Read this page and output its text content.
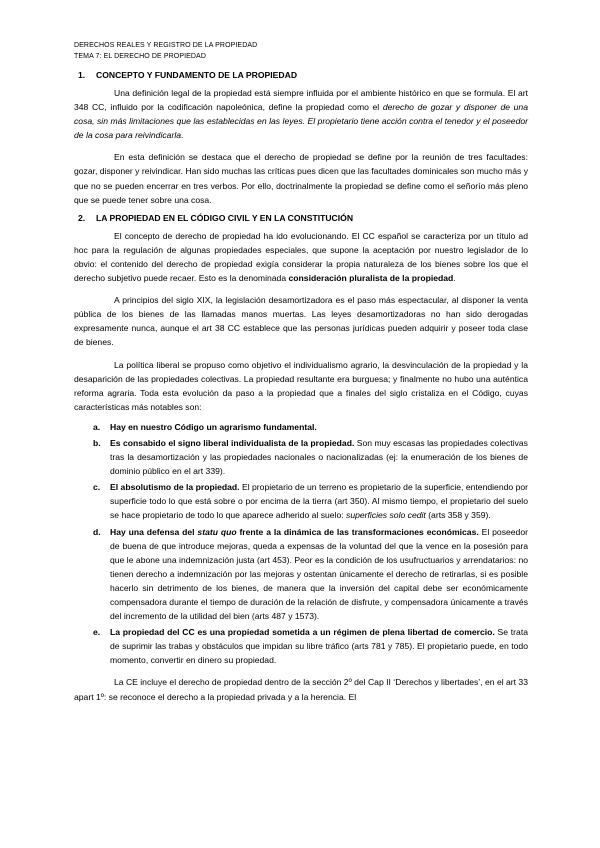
DERECHOS REALES Y REGISTRO DE LA PROPIEDAD
TEMA 7: EL DERECHO DE PROPIEDAD
1. CONCEPTO Y FUNDAMENTO DE LA PROPIEDAD

Una definición legal de la propiedad está siempre influida por el ambiente histórico en que se formula. El art 348 CC, influido por la codificación napoleónica, define la propiedad como el derecho de gozar y disponer de una cosa, sin más limitaciones que las establecidas en las leyes. El propietario tiene acción contra el tenedor y el poseedor de la cosa para reivindicarla.

En esta definición se destaca que el derecho de propiedad se define por la reunión de tres facultades: gozar, disponer y reivindicar. Han sido muchas las críticas pues dicen que las facultades dominicales son mucho más y que no se pueden encerrar en tres verbos. Por ello, doctrinalmente la propiedad se define como el señorío más pleno que se puede tener sobre una cosa.

2. LA PROPIEDAD EN EL CÓDIGO CIVIL Y EN LA CONSTITUCIÓN

El concepto de derecho de propiedad ha ido evolucionando. El CC español se caracteriza por un título ad hoc para la regulación de algunas propiedades especiales, que supone la aceptación por nuestro legislador de lo obvio: el contenido del derecho de propiedad exigía considerar la propia naturaleza de los bienes sobre los que el derecho subjetivo puede recaer. Esto es la denominada consideración pluralista de la propiedad.

A principios del siglo XIX, la legislación desamortizadora es el paso más espectacular, al disponer la venta pública de los bienes de las llamadas manos muertas. Las leyes desamortizadoras no han sido derogadas expresamente nunca, aunque el art 38 CC establece que las personas jurídicas pueden adquirir y poseer toda clase de bienes.

La política liberal se propuso como objetivo el individualismo agrario, la desvinculación de la propiedad y la desaparición de las propiedades colectivas. La propiedad resultante era burguesa; y finalmente no hubo una auténtica reforma agraria. Toda esta evolución da paso a la propiedad que a finales del siglo cristaliza en el Código, cuyas características más notables son:

a. Hay en nuestro Código un agrarismo fundamental.
b. Es consabido el signo liberal individualista de la propiedad. Son muy escasas las propiedades colectivas tras la desamortización y las propiedades nacionales o nacionalizadas (ej: la enumeración de los bienes de dominio público en el art 339).
c. El absolutismo de la propiedad. El propietario de un terreno es propietario de la superficie, entendiendo por superficie todo lo que está sobre o por encima de la tierra (art 350). Al mismo tiempo, el propietario del suelo se hace propietario de todo lo que aparece adherido al suelo: superficies solo cedit (arts 358 y 359).
d. Hay una defensa del statu quo frente a la dinámica de las transformaciones económicas. El poseedor de buena de que introduce mejoras, queda a expensas de la voluntad del que la vence en la posesión para que le abone una indemnización justa (art 453). Peor es la condición de los usufructuarios y arrendatarios: no tienen derecho a indemnización por las mejoras y ostentan únicamente el derecho de retirarlas, si es posible hacerlo sin detrimento de los bienes, de manera que la inversión del capital debe ser económicamente compensadora durante el tiempo de duración de la relación de disfrute, y compensadora únicamente a través del incremento de la utilidad del bien (arts 487 y 1573).
e. La propiedad del CC es una propiedad sometida a un régimen de plena libertad de comercio. Se trata de suprimir las trabas y obstáculos que impidan su libre tráfico (arts 781 y 785). El propietario puede, en todo momento, convertir en dinero su propiedad.

La CE incluye el derecho de propiedad dentro de la sección 2º del Cap II ‘Derechos y libertades’, en el art 33 apart 1º: se reconoce el derecho a la propiedad privada y a la herencia. El
